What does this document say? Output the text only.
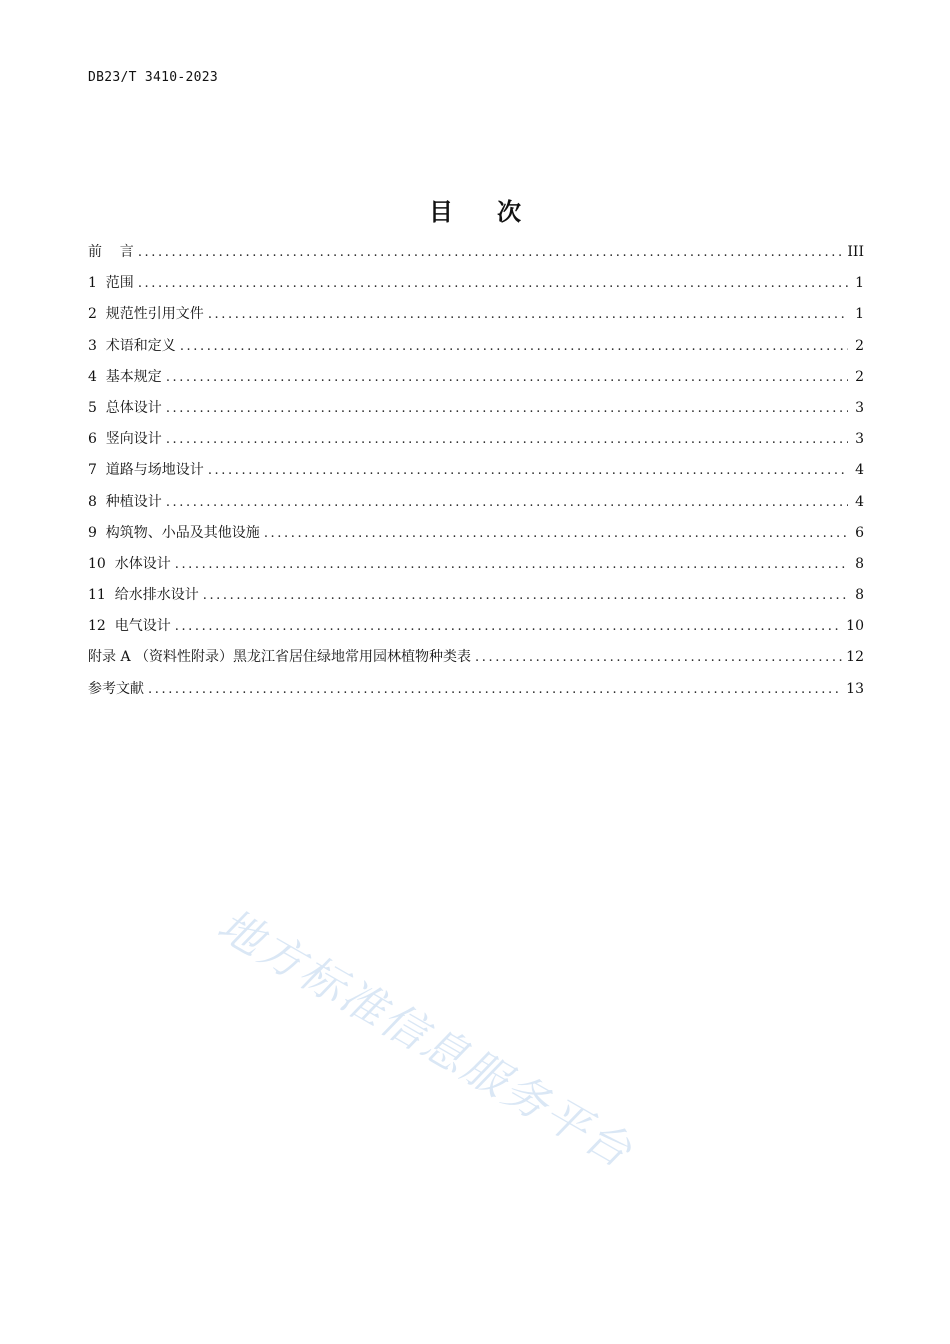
DB23/T 3410-2023
目 次
前    言 .....	III
1  范围 .....	1
2  规范性引用文件 .....	1
3  术语和定义 .....	2
4  基本规定 .....	2
5  总体设计 .....	3
6  竖向设计 .....	3
7  道路与场地设计 .....	4
8  种植设计 .....	4
9  构筑物、小品及其他设施 .....	6
10  水体设计 .....	8
11  给水排水设计 .....	8
12  电气设计 .....	10
附录 A （资料性附录）黑龙江省居住绿地常用园林植物种类表 .....	12
参考文献 .....	13
地方标准信息服务平台
